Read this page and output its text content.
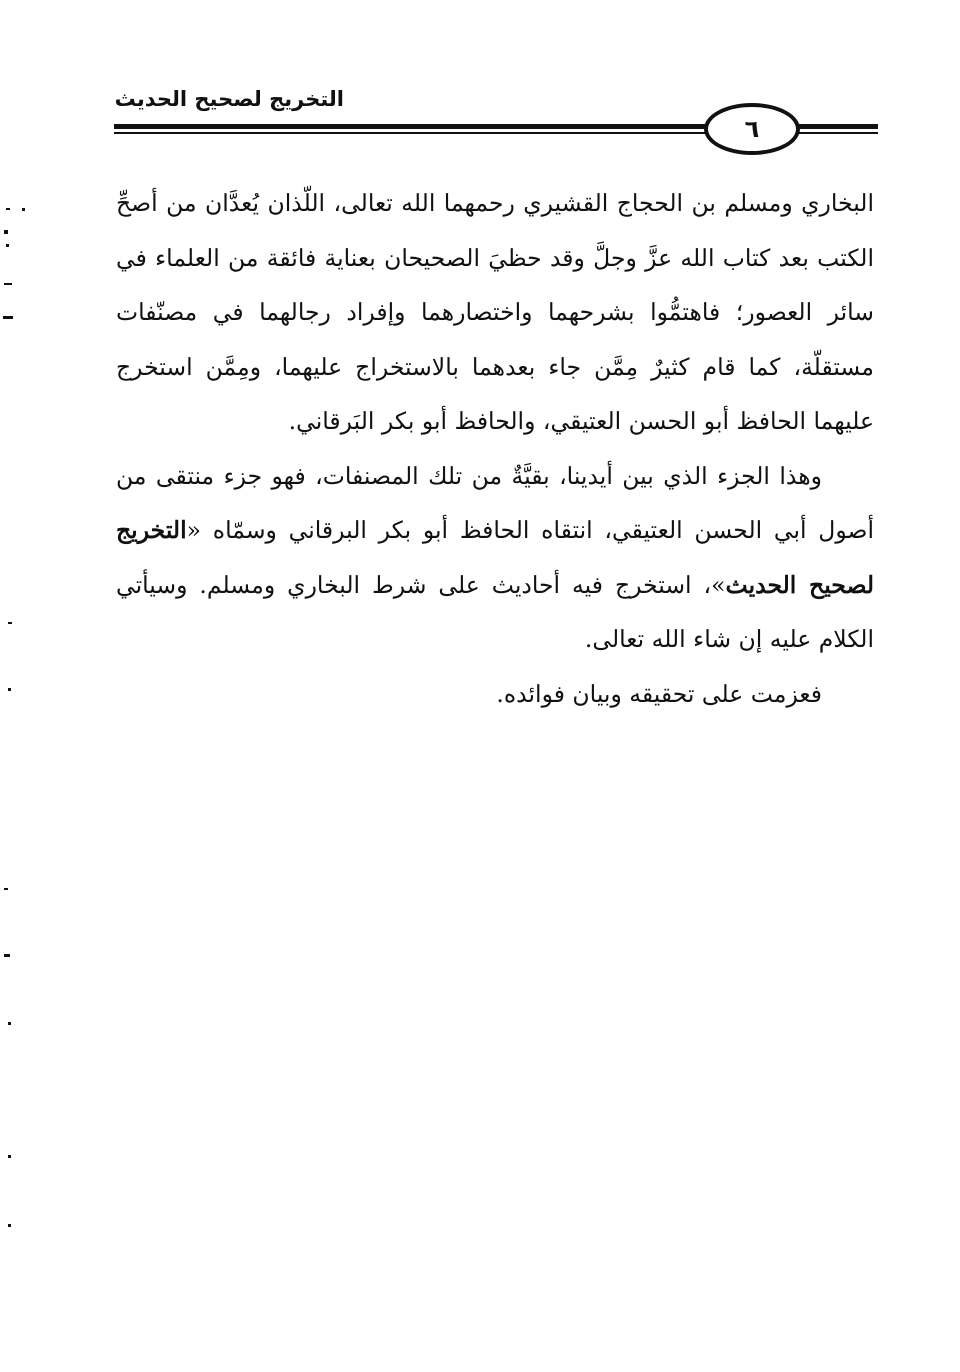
التخريج لصحيح الحديث
٦

البخاري ومسلم بن الحجاج القشيري رحمهما الله تعالى، اللّذان يُعدَّان من أصحِّ الكتب بعد كتاب الله عزَّ وجلَّ وقد حظيَ الصحيحان بعناية فائقة من العلماء في سائر العصور؛ فاهتمُّوا بشرحهما واختصارهما وإفراد رجالهما في مصنّفات مستقلّة، كما قام كثيرٌ مِمَّن جاء بعدهما بالاستخراج عليهما، ومِمَّن استخرج عليهما الحافظ أبو الحسن العتيقي، والحافظ أبو بكر البَرقاني.

وهذا الجزء الذي بين أيدينا، بقيَّةٌ من تلك المصنفات، فهو جزء منتقى من أصول أبي الحسن العتيقي، انتقاه الحافظ أبو بكر البرقاني وسمّاه «التخريج لصحيح الحديث»، استخرج فيه أحاديث على شرط البخاري ومسلم. وسيأتي الكلام عليه إن شاء الله تعالى.

فعزمت على تحقيقه وبيان فوائده.
